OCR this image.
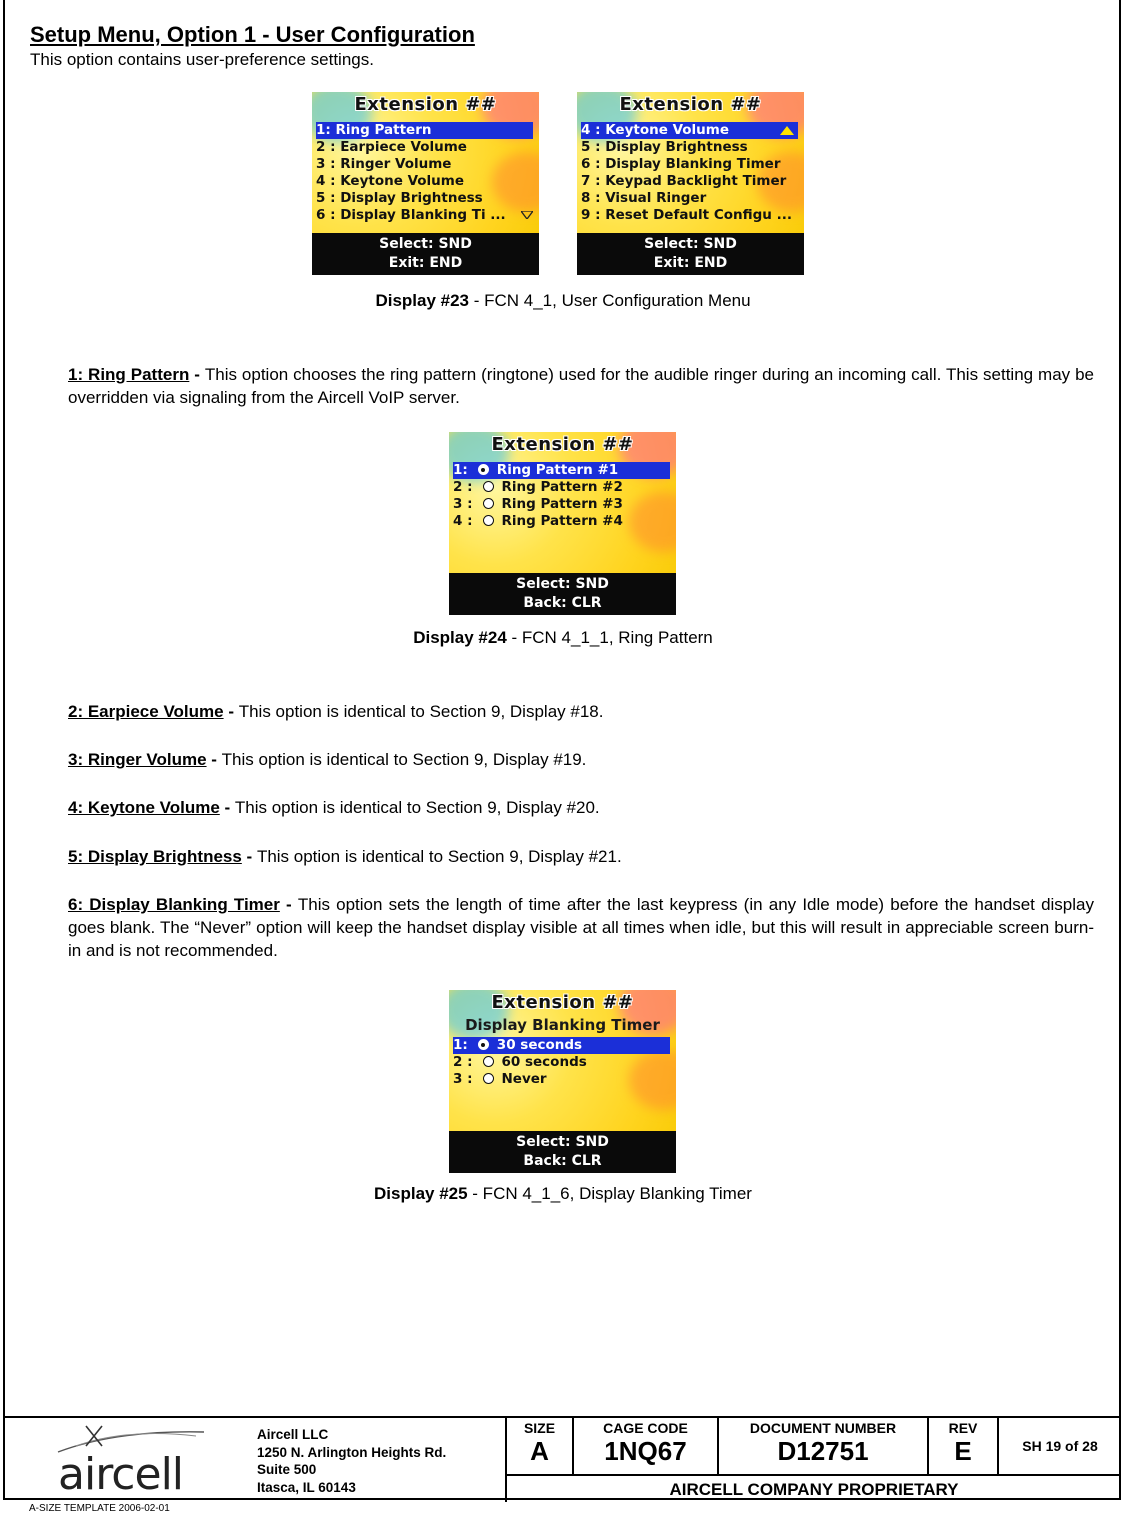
Setup Menu, Option 1 - User Configuration
This option contains user-preference settings.
Extension ##
1: Ring Pattern
2 : Earpiece Volume
3 : Ringer Volume
4 : Keytone Volume
5 : Display Brightness
6 : Display Blanking Ti ...
Select: SND
Exit: END
Extension ##
4 : Keytone Volume
5 : Display Brightness
6 : Display Blanking Timer
7 : Keypad Backlight Timer
8 : Visual Ringer
9 : Reset Default Configu ...
Select: SND
Exit: END
Display #23 - FCN 4_1, User Configuration Menu
1: Ring Pattern - This option chooses the ring pattern (ringtone) used for the audible ringer during an incoming call. This setting may be overridden via signaling from the Aircell VoIP server.
Extension ##
1: Ring Pattern #1
2 : Ring Pattern #2
3 : Ring Pattern #3
4 : Ring Pattern #4
Select: SND
Back: CLR
Display #24 - FCN 4_1_1, Ring Pattern
2: Earpiece Volume - This option is identical to Section 9, Display #18.
3: Ringer Volume - This option is identical to Section 9, Display #19.
4: Keytone Volume - This option is identical to Section 9, Display #20.
5: Display Brightness - This option is identical to Section 9, Display #21.
6: Display Blanking Timer - This option sets the length of time after the last keypress (in any Idle mode) before the handset display goes blank. The “Never” option will keep the handset display visible at all times when idle, but this will result in appreciable screen burn-in and is not recommended.
Extension ##
Display Blanking Timer
1: 30 seconds
2 : 60 seconds
3 : Never
Select: SND
Back: CLR
Display #25 - FCN 4_1_6, Display Blanking Timer
Aircell LLC
1250 N. Arlington Heights Rd.
Suite 500
Itasca, IL 60143
SIZE
A
CAGE CODE
1NQ67
DOCUMENT NUMBER
D12751
REV
E	SH 19 of 28
AIRCELL COMPANY PROPRIETARY
aircell
A-SIZE TEMPLATE 2006-02-01
